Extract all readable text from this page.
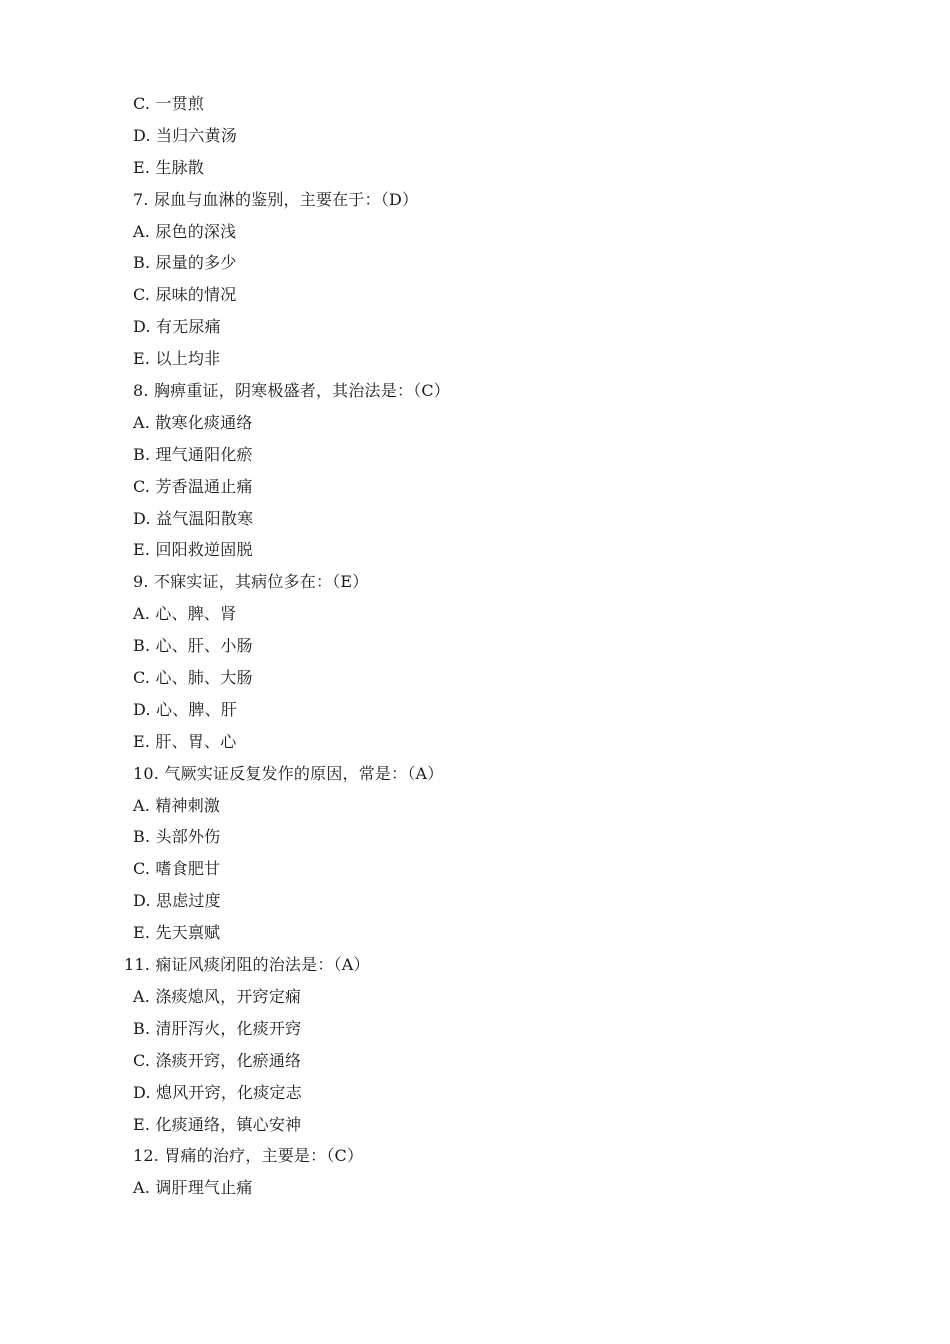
C. 一贯煎
D. 当归六黄汤
E. 生脉散
7. 尿血与血淋的鉴别，主要在于：（D）
A. 尿色的深浅
B. 尿量的多少
C. 尿味的情况
D. 有无尿痛
E. 以上均非
8. 胸痹重证，阴寒极盛者，其治法是：（C）
A. 散寒化痰通络
B. 理气通阳化瘀
C. 芳香温通止痛
D. 益气温阳散寒
E. 回阳救逆固脱
9. 不寐实证，其病位多在：（E）
A. 心、脾、肾
B. 心、肝、小肠
C. 心、肺、大肠
D. 心、脾、肝
E. 肝、胃、心
10. 气厥实证反复发作的原因，常是：（A）
A. 精神刺激
B. 头部外伤
C. 嗜食肥甘
D. 思虑过度
E. 先天禀赋
11. 痫证风痰闭阻的治法是：（A）
A. 涤痰熄风，开窍定痫
B. 清肝泻火，化痰开窍
C. 涤痰开窍，化瘀通络
D. 熄风开窍，化痰定志
E. 化痰通络，镇心安神
12. 胃痛的治疗，主要是：（C）
A. 调肝理气止痛
